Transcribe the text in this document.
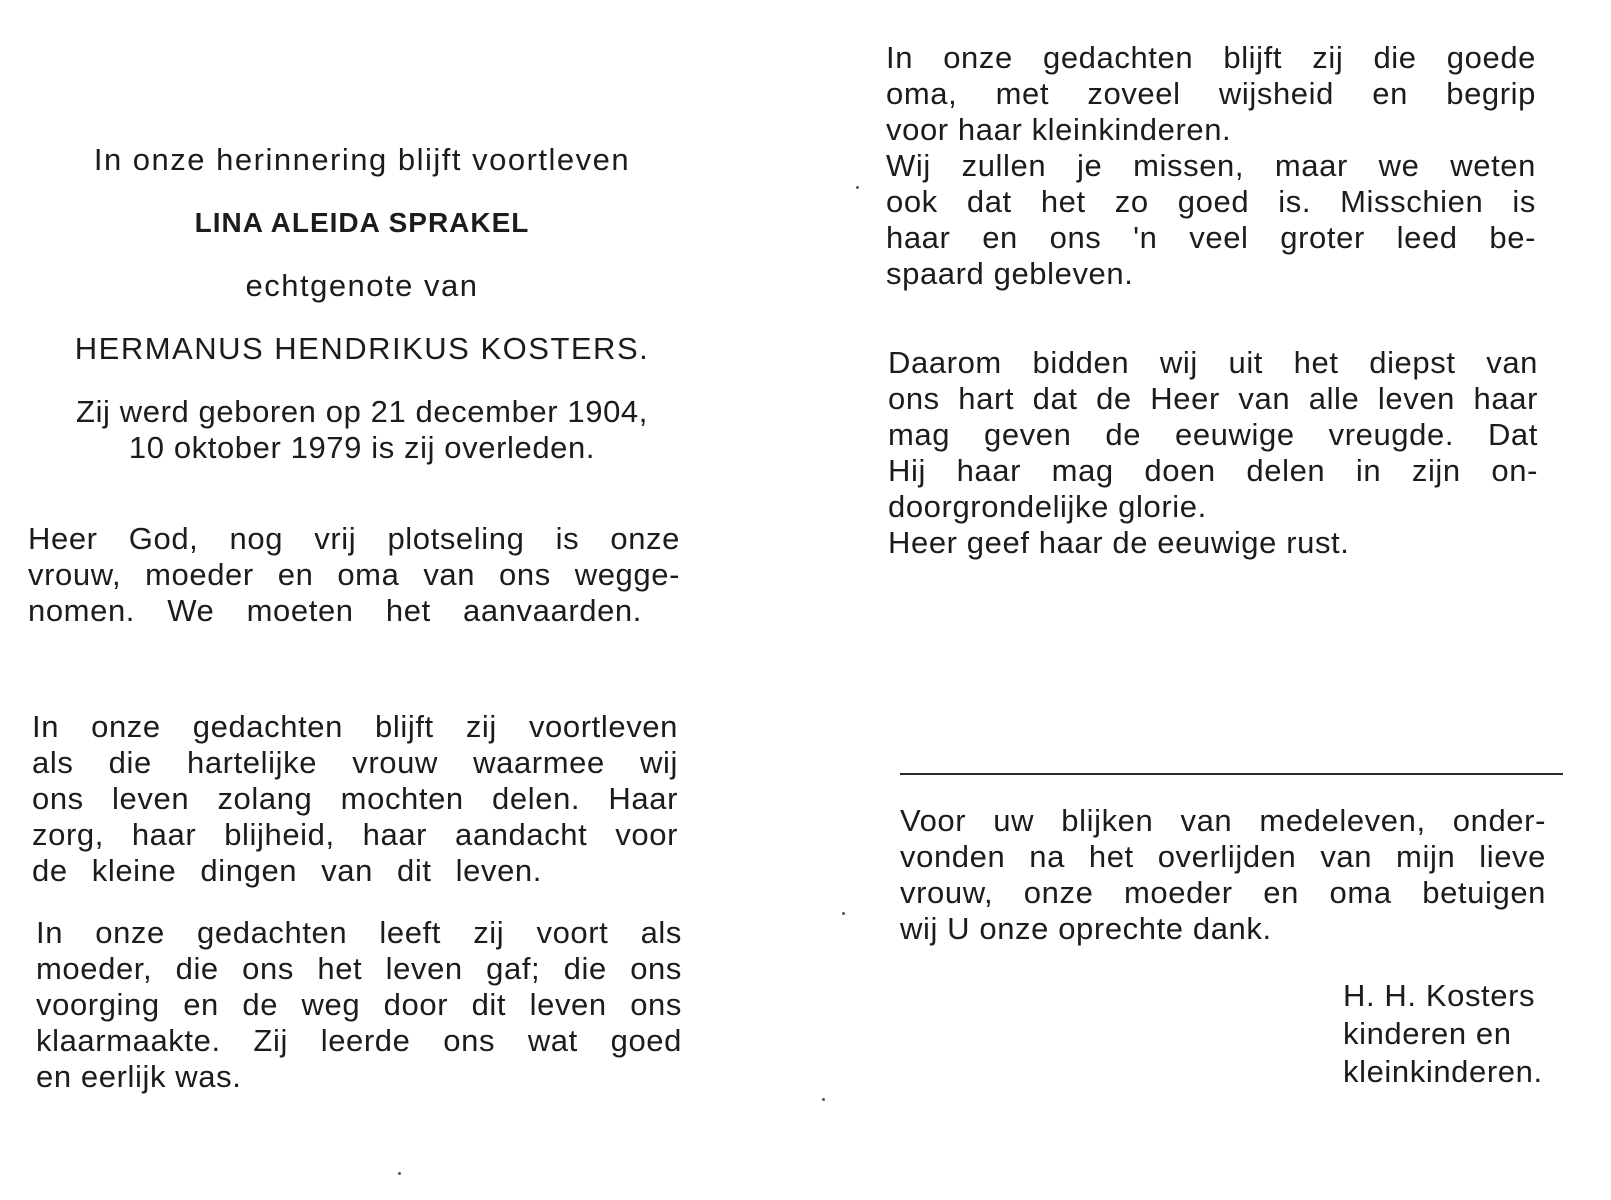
In onze herinnering blijft voortleven
LINA ALEIDA SPRAKEL
echtgenote van
HERMANUS HENDRIKUS KOSTERS.
Zij werd geboren op 21 december 1904,
10 oktober 1979 is zij overleden.
Heer God, nog vrij plotseling is onze
vrouw, moeder en oma van ons wegge-
nomen. We moeten het aanvaarden.
In onze gedachten blijft zij voortleven
als die hartelijke vrouw waarmee wij
ons leven zolang mochten delen. Haar
zorg, haar blijheid, haar aandacht voor
de kleine dingen van dit leven.
In onze gedachten leeft zij voort als
moeder, die ons het leven gaf; die ons
voorging en de weg door dit leven ons
klaarmaakte. Zij leerde ons wat goed
en eerlijk was.
In onze gedachten blijft zij die goede
oma, met zoveel wijsheid en begrip
voor haar kleinkinderen.
Wij zullen je missen, maar we weten
ook dat het zo goed is. Misschien is
haar en ons 'n veel groter leed be-
spaard gebleven.
Daarom bidden wij uit het diepst van
ons hart dat de Heer van alle leven haar
mag geven de eeuwige vreugde. Dat
Hij haar mag doen delen in zijn on-
doorgrondelijke glorie.
Heer geef haar de eeuwige rust.
Voor uw blijken van medeleven, onder-
vonden na het overlijden van mijn lieve
vrouw, onze moeder en oma betuigen
wij U onze oprechte dank.
H. H. Kosters
kinderen en
kleinkinderen.
